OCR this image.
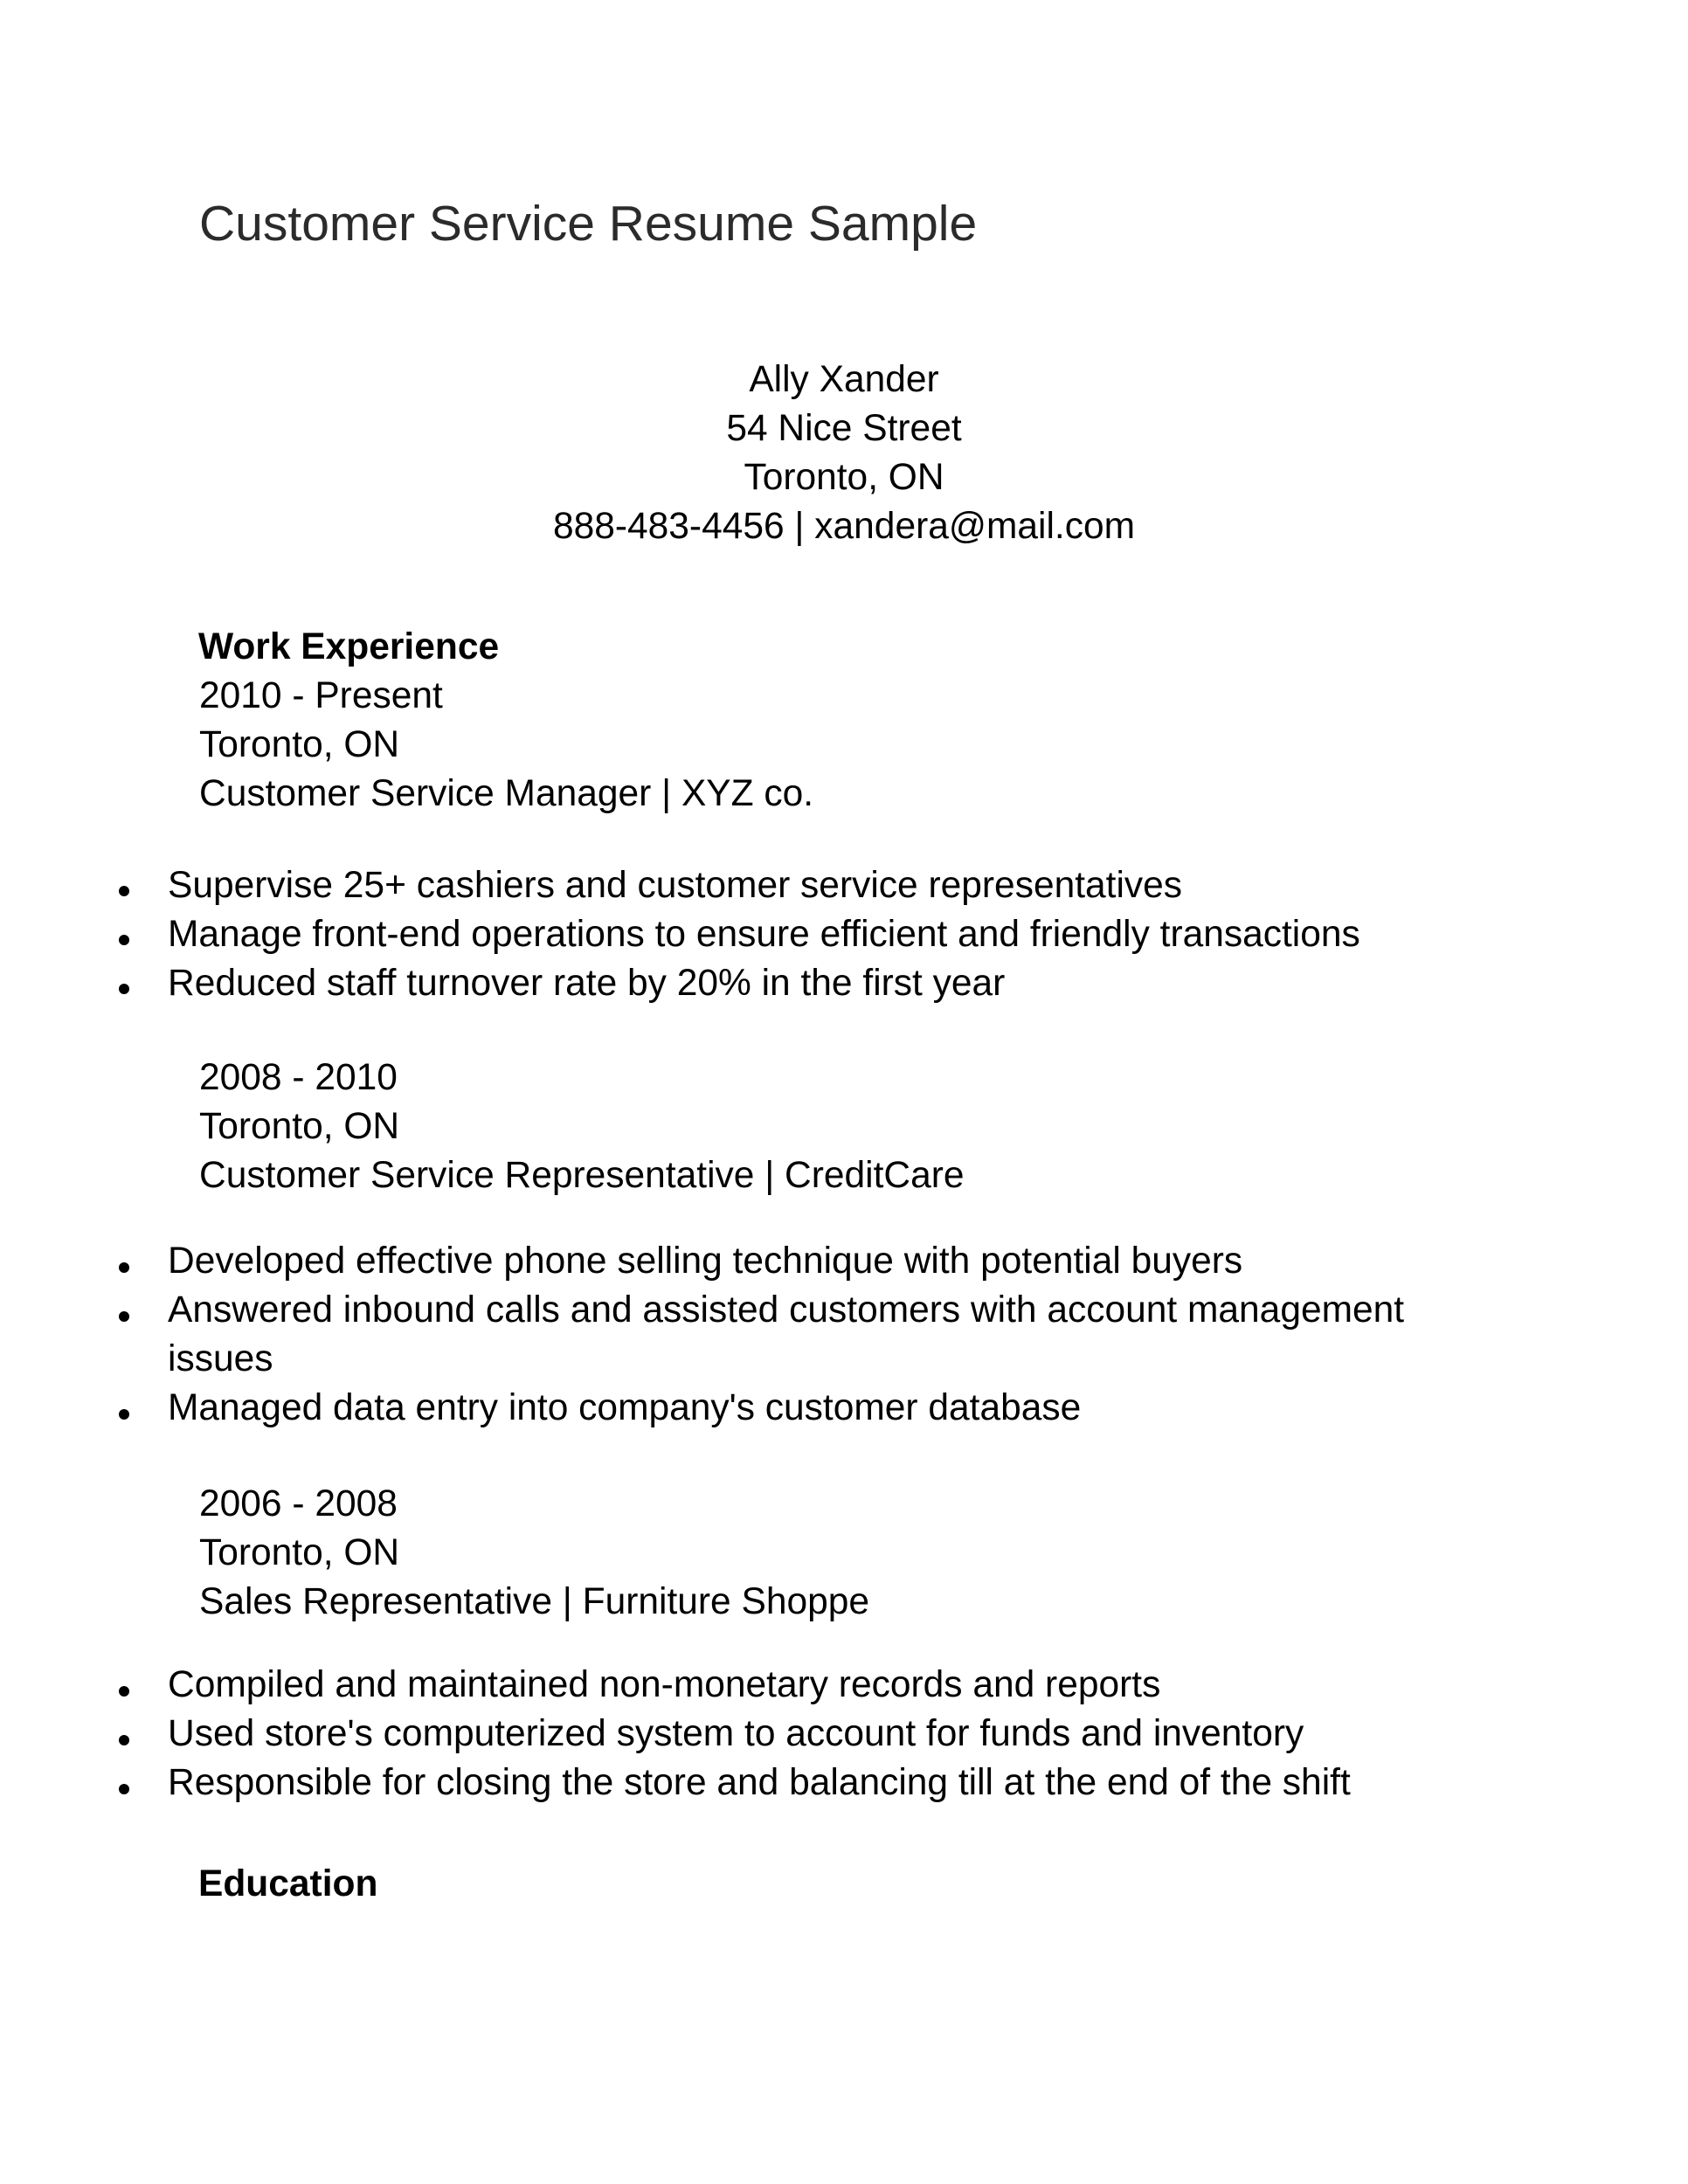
Customer Service Resume Sample
Ally Xander
54 Nice Street
Toronto, ON
888-483-4456 | xandera@mail.com
Work Experience
2010 - Present
Toronto, ON
Customer Service Manager | XYZ co.
Supervise 25+ cashiers and customer service representatives
Manage front-end operations to ensure efficient and friendly transactions
Reduced staff turnover rate by 20% in the first year
2008 - 2010
Toronto, ON
Customer Service Representative | CreditCare
Developed effective phone selling technique with potential buyers
Answered inbound calls and assisted customers with account management
issues
Managed data entry into company's customer database
2006 - 2008
Toronto, ON
Sales Representative | Furniture Shoppe
Compiled and maintained non-monetary records and reports
Used store's computerized system to account for funds and inventory
Responsible for closing the store and balancing till at the end of the shift
Education
